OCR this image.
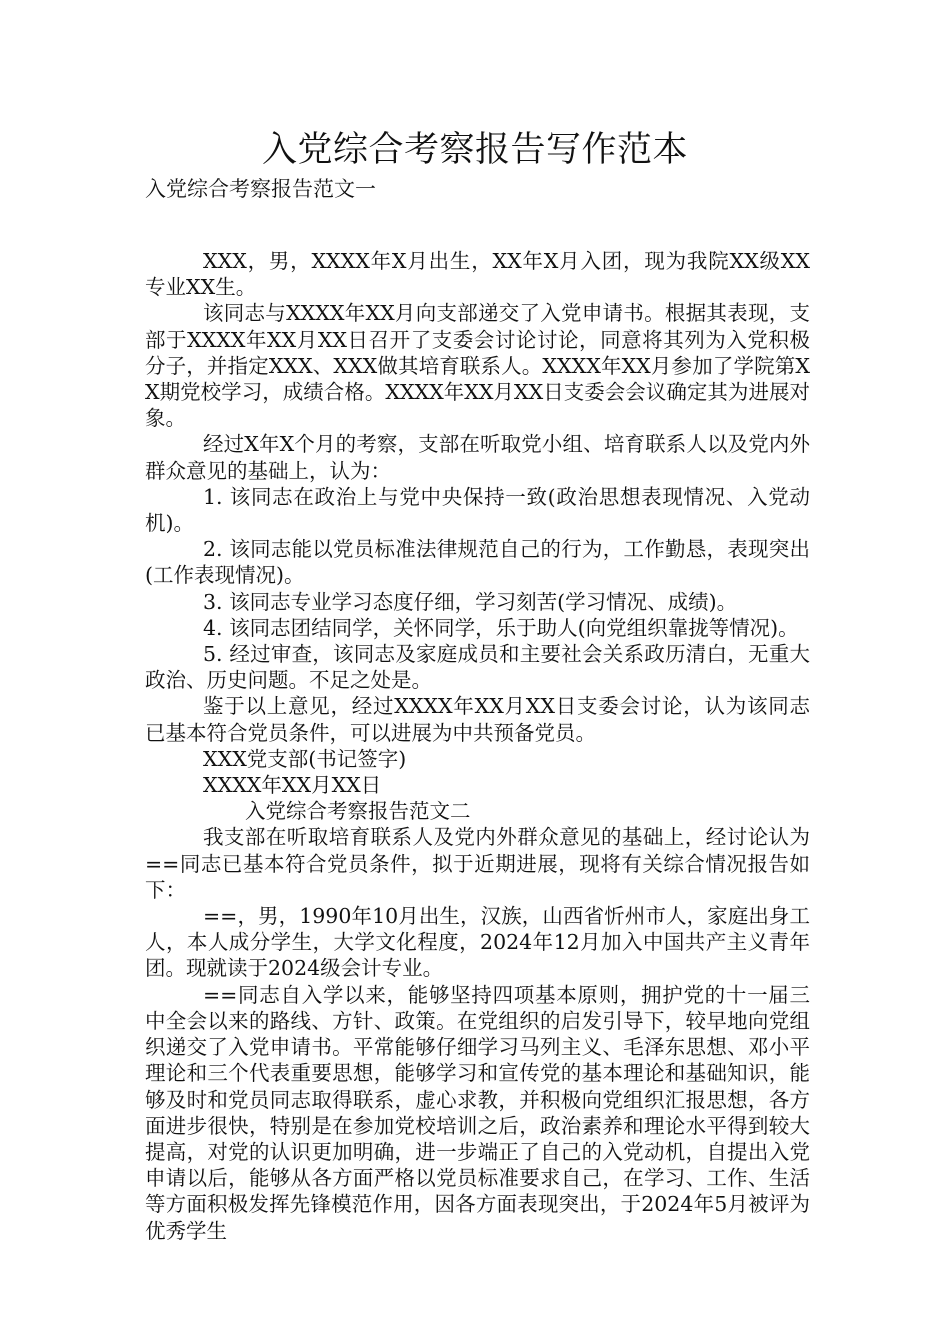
入党综合考察报告写作范本
入党综合考察报告范文一

XXX，男，XXXX年X月出生，XX年X月入团，现为我院XX级XX专业XX生。

该同志与XXXX年XX月向支部递交了入党申请书。根据其表现，支部于XXXX年XX月XX日召开了支委会讨论讨论，同意将其列为入党积极分子，并指定XXX、XXX做其培育联系人。XXXX年XX月参加了学院第XX期党校学习，成绩合格。XXXX年XX月XX日支委会会议确定其为进展对象。

经过X年X个月的考察，支部在听取党小组、培育联系人以及党内外群众意见的基础上，认为：

1. 该同志在政治上与党中央保持一致(政治思想表现情况、入党动机)。

2. 该同志能以党员标准法律规范自己的行为，工作勤恳，表现突出(工作表现情况)。

3. 该同志专业学习态度仔细，学习刻苦(学习情况、成绩)。

4. 该同志团结同学，关怀同学，乐于助人(向党组织靠拢等情况)。

5. 经过审查，该同志及家庭成员和主要社会关系政历清白，无重大政治、历史问题。不足之处是。

鉴于以上意见，经过XXXX年XX月XX日支委会讨论，认为该同志已基本符合党员条件，可以进展为中共预备党员。

XXX党支部(书记签字)

XXXX年XX月XX日

入党综合考察报告范文二

我支部在听取培育联系人及党内外群众意见的基础上，经讨论认为==同志已基本符合党员条件，拟于近期进展，现将有关综合情况报告如下：

==，男，1990年10月出生，汉族，山西省忻州市人，家庭出身工人，本人成分学生，大学文化程度，2024年12月加入中国共产主义青年团。现就读于2024级会计专业。

==同志自入学以来，能够坚持四项基本原则，拥护党的十一届三中全会以来的路线、方针、政策。在党组织的启发引导下，较早地向党组织递交了入党申请书。平常能够仔细学习马列主义、毛泽东思想、邓小平理论和三个代表重要思想，能够学习和宣传党的基本理论和基础知识，能够及时和党员同志取得联系，虚心求教，并积极向党组织汇报思想，各方面进步很快，特别是在参加党校培训之后，政治素养和理论水平得到较大提高，对党的认识更加明确，进一步端正了自己的入党动机，自提出入党申请以后，能够从各方面严格以党员标准要求自己，在学习、工作、生活等方面积极发挥先锋模范作用，因各方面表现突出，于2024年5月被评为优秀学生
